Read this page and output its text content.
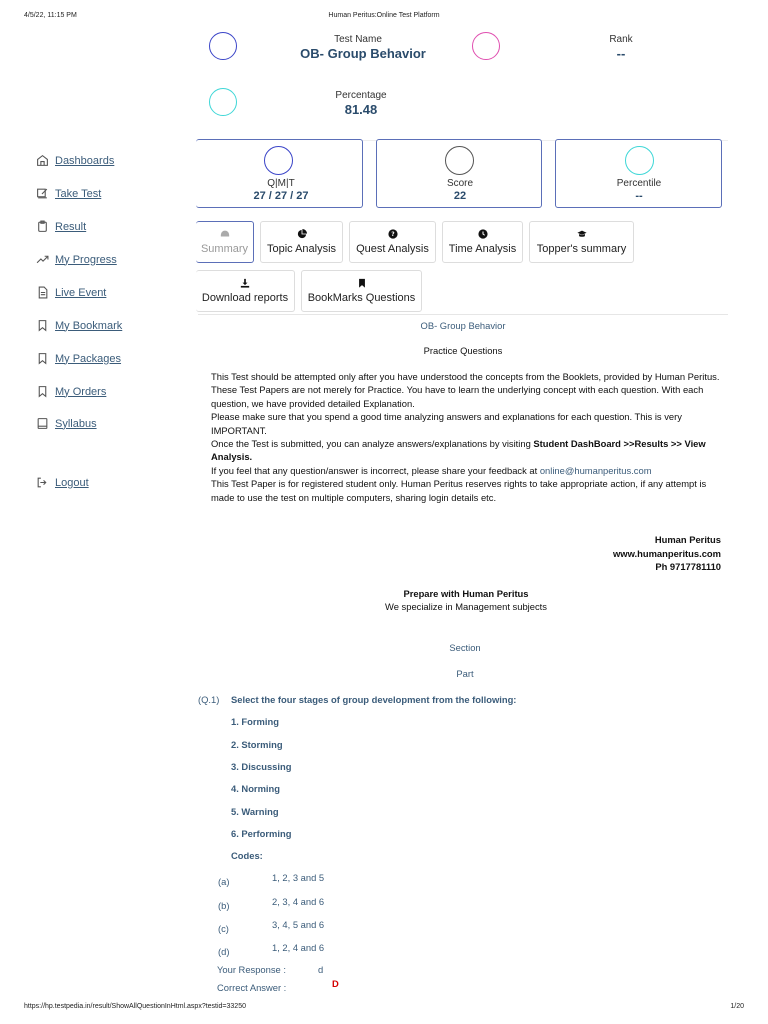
4/5/22, 11:15 PM	Human Peritus:Online Test Platform
Test Name
OB- Group Behavior
Rank
--
Percentage
81.48
Dashboards
Take Test
Result
My Progress
Live Event
My Bookmark
My Packages
My Orders
Syllabus
Logout
Q|M|T
27 / 27 / 27
Score
22
Percentile
--
Summary Topic Analysis
?
Quest Analysis Time Analysis Topper's summary
Download reports BookMarks Questions
OB- Group Behavior
Practice Questions

This Test should be attempted only after you have understood the concepts from the Booklets, provided by Human Peritus.

These Test Papers are not merely for Practice. You have to learn the underlying concept with each question. With each question, we have provided detailed Explanation.

Please make sure that you spend a good time analyzing answers and explanations for each question. This is very IMPORTANT.

Once the Test is submitted, you can analyze answers/explanations by visiting Student DashBoard >>Results >> View Analysis.

If you feel that any question/answer is incorrect, please share your feedback at online@humanperitus.com

This Test Paper is for registered student only. Human Peritus reserves rights to take appropriate action, if any attempt is made to use the test on multiple computers, sharing login details etc.

Human Peritus
www.humanperitus.com
Ph 9717781110
Prepare with Human Peritus
We specialize in Management subjects
Section
Part
(Q.1) Select the four stages of group development from the following:
1. Forming
2. Storming
3. Discussing
4. Norming
5. Warning
6. Performing
Codes:
(a)	1, 2, 3 and 5
(b)	2, 3, 4 and 6
(c)	3, 4, 5 and 6
(d)	1, 2, 4 and 6
Your Response :	d
Correct Answer :	D
https://hp.testpedia.in/result/ShowAllQuestionInHtml.aspx?testid=33250	1/20
